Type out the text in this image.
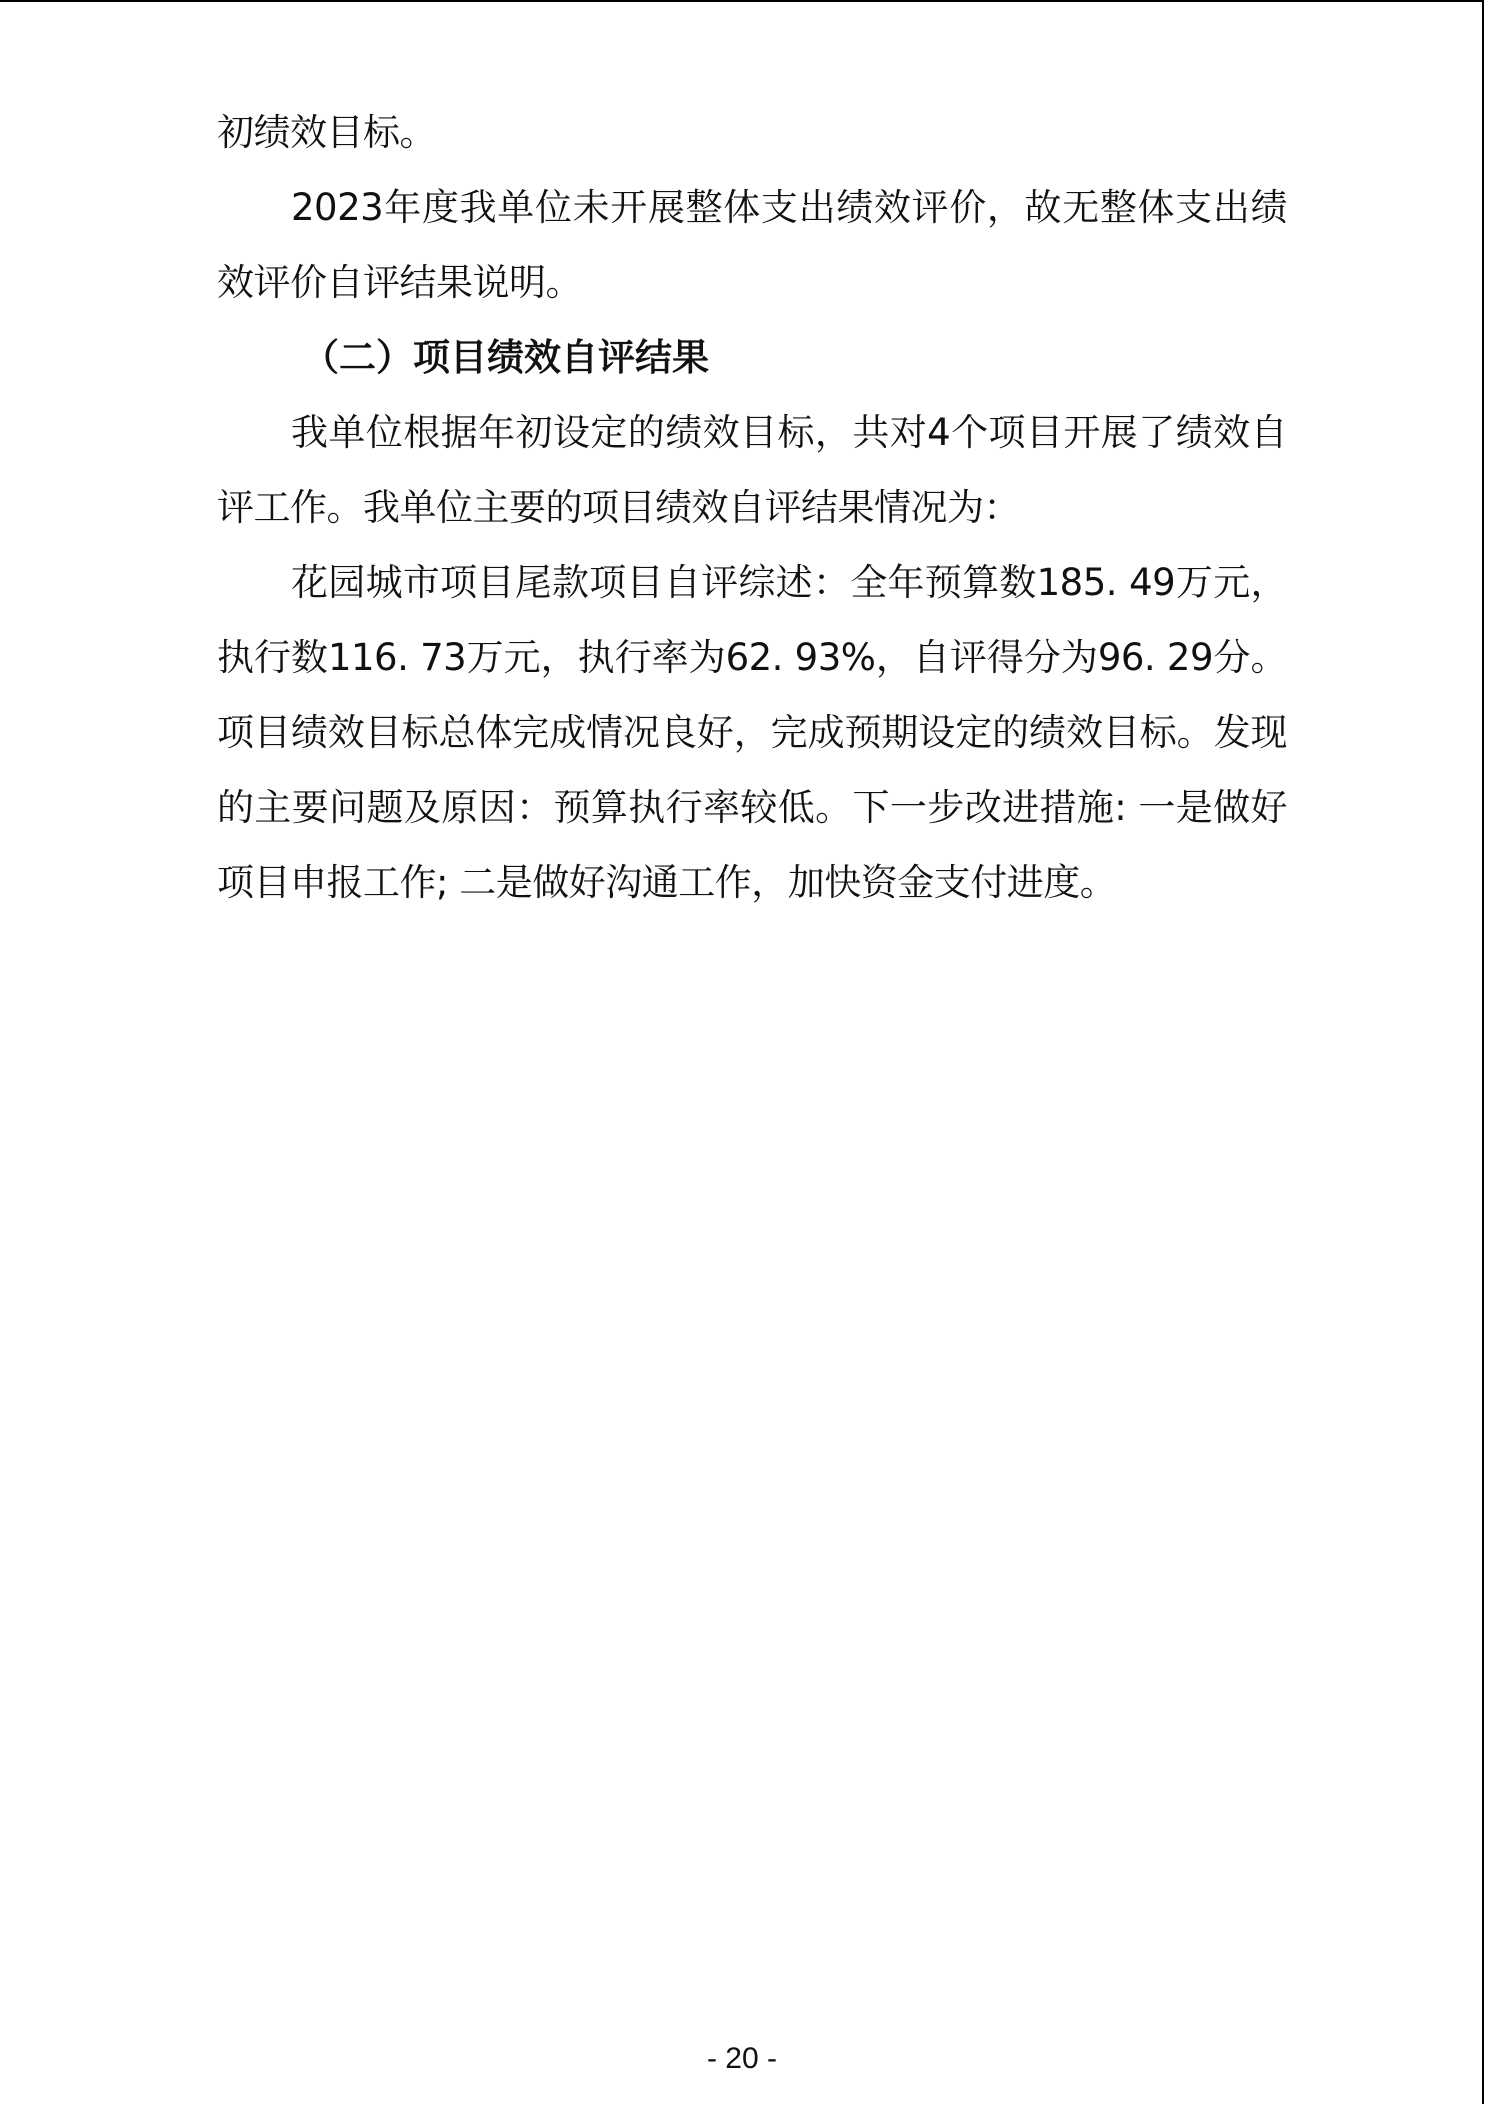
初绩效目标。

2023年度我单位未开展整体支出绩效评价，故无整体支出绩效评价自评结果说明。

（二）项目绩效自评结果

我单位根据年初设定的绩效目标，共对4个项目开展了绩效自评工作。我单位主要的项目绩效自评结果情况为：

花园城市项目尾款项目自评综述：全年预算数185. 49万元，执行数116. 73万元，执行率为62. 93%，自评得分为96. 29分。项目绩效目标总体完成情况良好，完成预期设定的绩效目标。发现的主要问题及原因：预算执行率较低。下一步改进措施: 一是做好项目申报工作; 二是做好沟通工作，加快资金支付进度。

- 20 -
